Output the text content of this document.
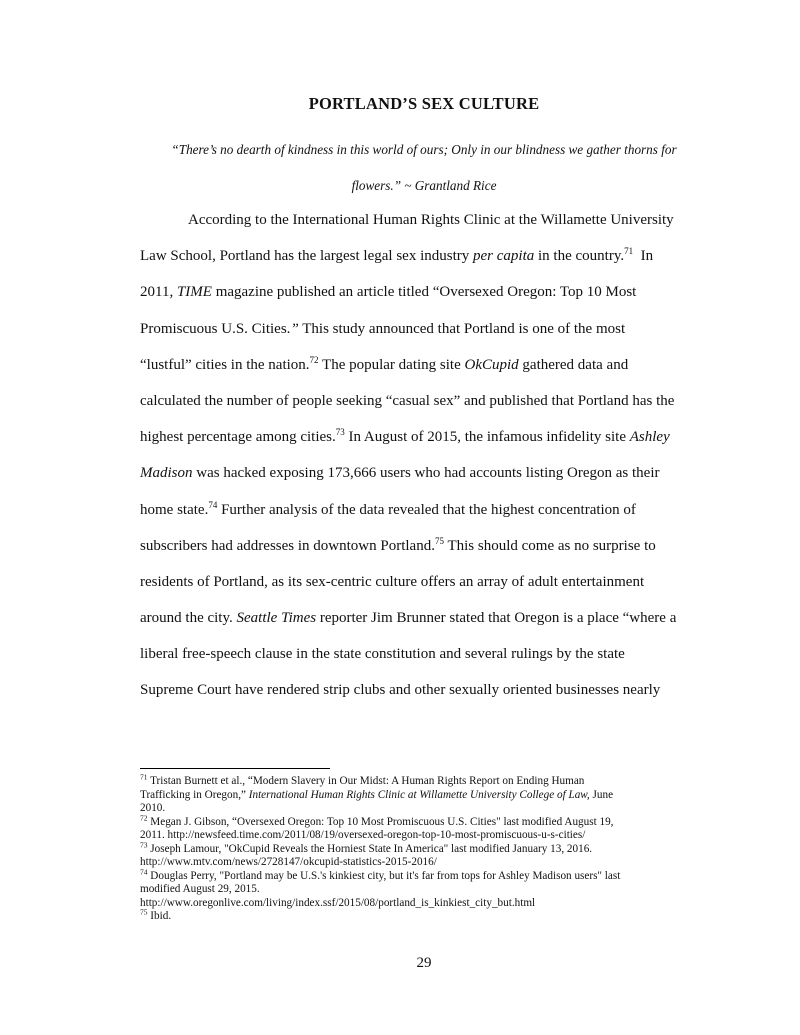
PORTLAND’S SEX CULTURE
“There’s no dearth of kindness in this world of ours; Only in our blindness we gather thorns for
flowers.” ~ Grantland Rice
According to the International Human Rights Clinic at the Willamette University
Law School, Portland has the largest legal sex industry per capita in the country.$^{71}$  In
2011, TIME magazine published an article titled “Oversexed Oregon: Top 10 Most
Promiscuous U.S. Cities.” This study announced that Portland is one of the most
“lustful” cities in the nation.$^{72}$ The popular dating site OkCupid gathered data and
calculated the number of people seeking “casual sex” and published that Portland has the
highest percentage among cities.$^{73}$ In August of 2015, the infamous infidelity site Ashley
Madison was hacked exposing 173,666 users who had accounts listing Oregon as their
home state.$^{74}$ Further analysis of the data revealed that the highest concentration of
subscribers had addresses in downtown Portland.$^{75}$ This should come as no surprise to
residents of Portland, as its sex-centric culture offers an array of adult entertainment
around the city. Seattle Times reporter Jim Brunner stated that Oregon is a place “where a
liberal free-speech clause in the state constitution and several rulings by the state
Supreme Court have rendered strip clubs and other sexually oriented businesses nearly
$^{71}$ Tristan Burnett et al., “Modern Slavery in Our Midst: A Human Rights Report on Ending Human
Trafficking in Oregon,” International Human Rights Clinic at Willamette University College of Law, June
2010.
$^{72}$ Megan J. Gibson, “Oversexed Oregon: Top 10 Most Promiscuous U.S. Cities" last modified August 19,
2011. http://newsfeed.time.com/2011/08/19/oversexed-oregon-top-10-most-promiscuous-u-s-cities/
$^{73}$ Joseph Lamour, "OkCupid Reveals the Horniest State In America" last modified January 13, 2016.
http://www.mtv.com/news/2728147/okcupid-statistics-2015-2016/
$^{74}$ Douglas Perry, "Portland may be U.S.'s kinkiest city, but it's far from tops for Ashley Madison users" last
modified August 29, 2015.
http://www.oregonlive.com/living/index.ssf/2015/08/portland_is_kinkiest_city_but.html
$^{75}$ Ibid.
29
